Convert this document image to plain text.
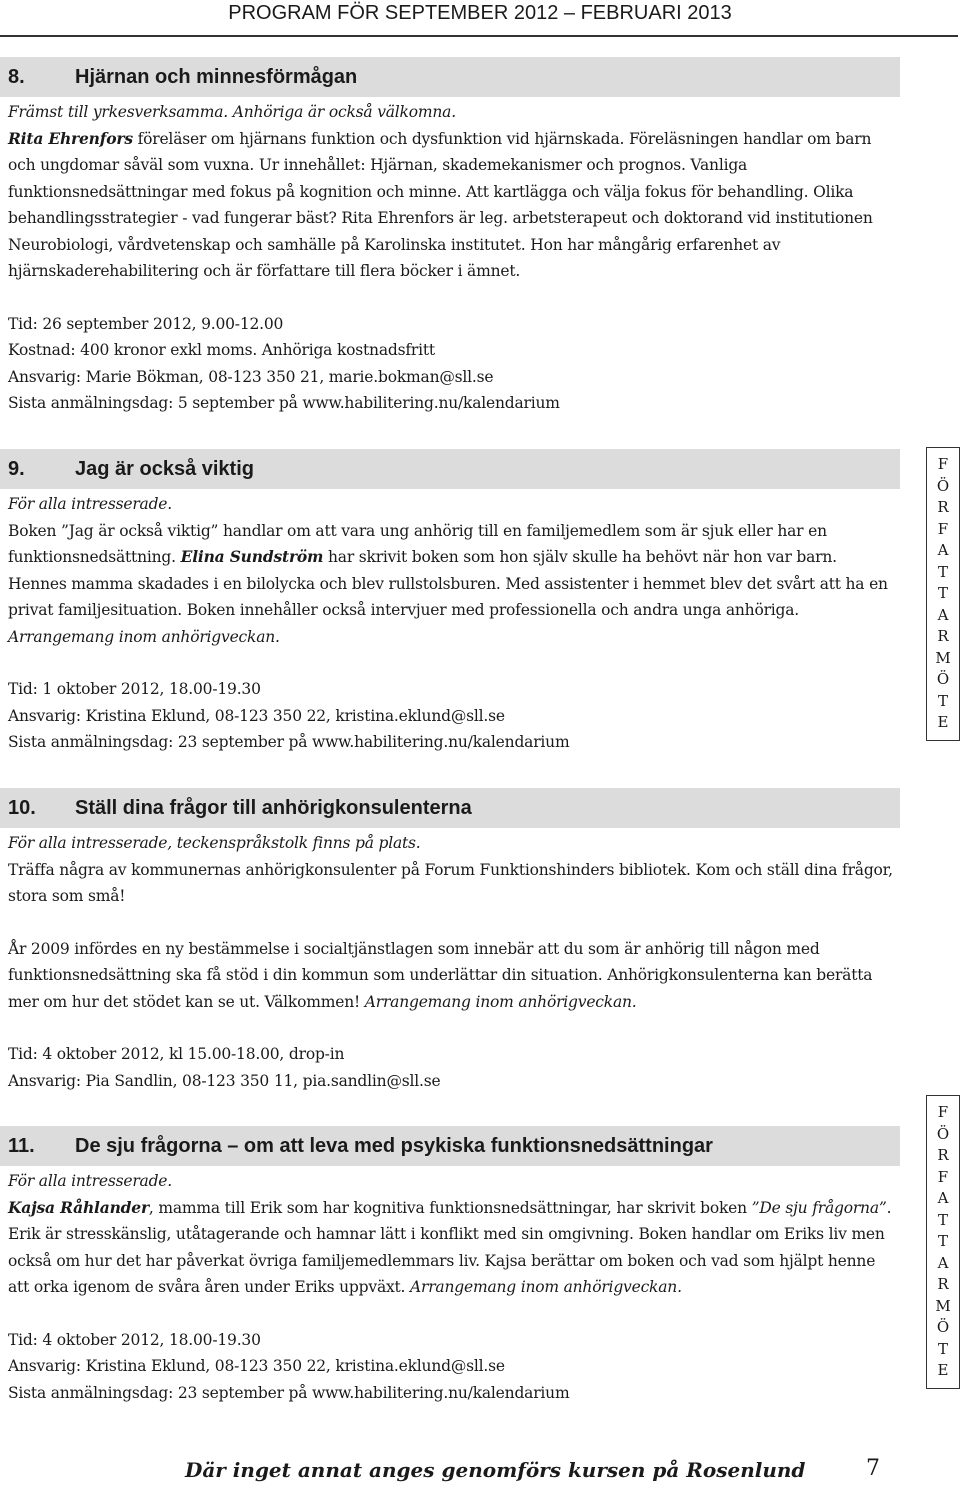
PROGRAM FÖR SEPTEMBER 2012 – FEBRUARI 2013
8.	Hjärnan och minnesförmågan

Främst till yrkesverksamma. Anhöriga är också välkomna.

Rita Ehrenfors föreläser om hjärnans funktion och dysfunktion vid hjärnskada. Föreläsningen handlar om barn och ungdomar såväl som vuxna. Ur innehållet: Hjärnan, skademekanismer och prognos. Vanliga funktionsnedsättningar med fokus på kognition och minne. Att kartlägga och välja fokus för behandling. Olika behandlingsstrategier - vad fungerar bäst? Rita Ehrenfors är leg. arbetsterapeut och doktorand vid institutionen Neurobiologi, vårdvetenskap och samhälle på Karolinska institutet. Hon har mångårig erfarenhet av hjärnskaderehabilitering och är författare till flera böcker i ämnet.

Tid: 26 september 2012, 9.00-12.00

Kostnad: 400 kronor exkl moms. Anhöriga kostnadsfritt

Ansvarig: Marie Bökman, 08-123 350 21, marie.bokman@sll.se

Sista anmälningsdag: 5 september på www.habilitering.nu/kalendarium

9.	Jag är också viktig

För alla intresserade.

Boken ”Jag är också viktig” handlar om att vara ung anhörig till en familjemedlem som är sjuk eller har en funktionsnedsättning. Elina Sundström har skrivit boken som hon själv skulle ha behövt när hon var barn. Hennes mamma skadades i en bilolycka och blev rullstolsburen. Med assistenter i hemmet blev det svårt att ha en privat familjesituation. Boken innehåller också intervjuer med professionella och andra unga anhöriga. Arrangemang inom anhörigveckan.

Tid: 1 oktober 2012, 18.00-19.30

Ansvarig: Kristina Eklund, 08-123 350 22, kristina.eklund@sll.se

Sista anmälningsdag: 23 september på www.habilitering.nu/kalendarium

10.	Ställ dina frågor till anhörigkonsulenterna

För alla intresserade, teckenspråkstolk finns på plats.

Träffa några av kommunernas anhörigkonsulenter på Forum Funktionshinders bibliotek. Kom och ställ dina frågor, stora som små!

År 2009 infördes en ny bestämmelse i socialtjänstlagen som innebär att du som är anhörig till någon med funktionsnedsättning ska få stöd i din kommun som underlättar din situation. Anhörigkonsulenterna kan berätta mer om hur det stödet kan se ut. Välkommen! Arrangemang inom anhörigveckan.

Tid: 4 oktober 2012, kl 15.00-18.00, drop-in

Ansvarig: Pia Sandlin, 08-123 350 11, pia.sandlin@sll.se

11.	De sju frågorna – om att leva med psykiska funktionsnedsättningar

För alla intresserade.

Kajsa Råhlander, mamma till Erik som har kognitiva funktionsnedsättningar, har skrivit boken ”De sju frågorna”. Erik är stresskänslig, utåtagerande och hamnar lätt i konflikt med sin omgivning. Boken handlar om Eriks liv men också om hur det har påverkat övriga familjemedlemmars liv. Kajsa berättar om boken och vad som hjälpt henne att orka igenom de svåra åren under Eriks uppväxt. Arrangemang inom anhörigveckan.

Tid: 4 oktober 2012, 18.00-19.30

Ansvarig: Kristina Eklund, 08-123 350 22, kristina.eklund@sll.se

Sista anmälningsdag: 23 september på www.habilitering.nu/kalendarium

F
Ö
R
F
A
T
T
A
R
M
Ö
T
E
F
Ö
R
F
A
T
T
A
R
M
Ö
T
E
Där inget annat anges genomförs kursen på Rosenlund	7
